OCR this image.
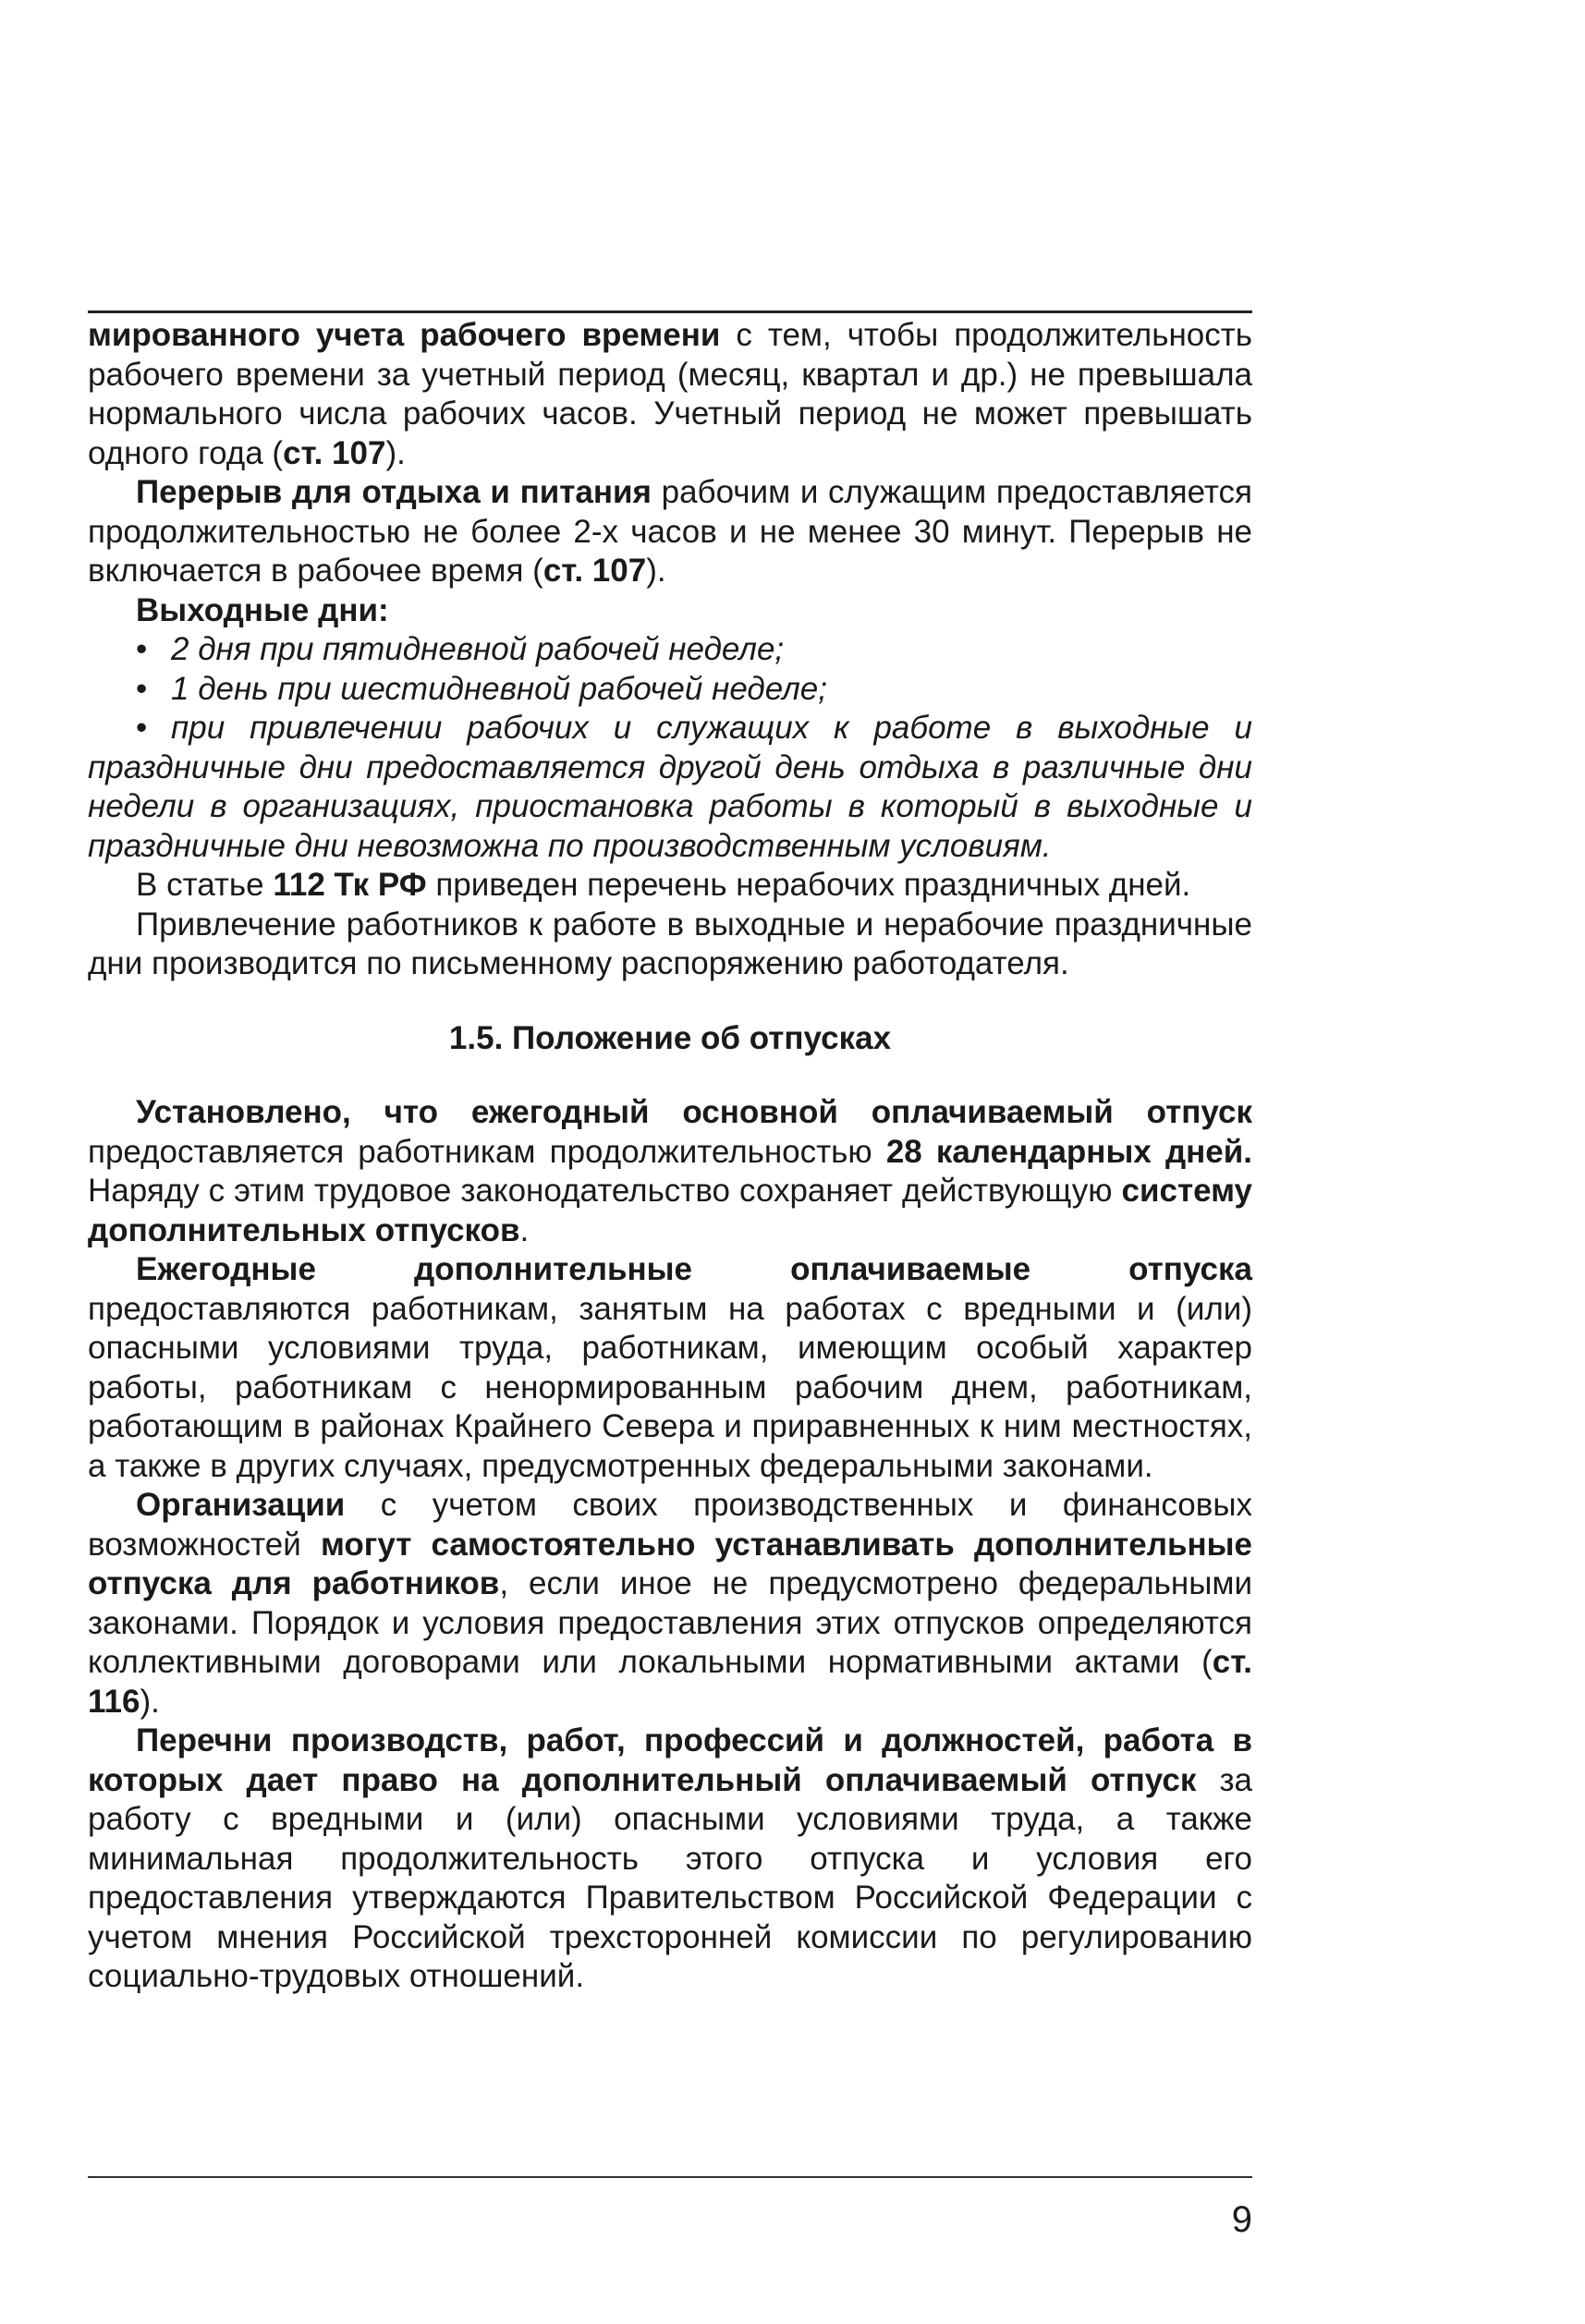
мированного учета рабочего времени с тем, чтобы продолжительность рабочего времени за учетный период (месяц, квартал и др.) не превышала нормального числа рабочих часов. Учетный период не может превышать одного года (ст. 107).

Перерыв для отдыха и питания рабочим и служащим предоставляется продолжительностью не более 2-х часов и не менее 30 минут. Перерыв не включается в рабочее время (ст. 107).

Выходные дни:

• 2 дня при пятидневной рабочей неделе;
• 1 день при шестидневной рабочей неделе;
• при привлечении рабочих и служащих к работе в выходные и праздничные дни предоставляется другой день отдыха в различные дни недели в организациях, приостановка работы в который в выходные и праздничные дни невозможна по производственным условиям.

В статье 112 Тк РФ приведен перечень нерабочих праздничных дней.

Привлечение работников к работе в выходные и нерабочие праздничные дни производится по письменному распоряжению работодателя.

1.5. Положение об отпусках

Установлено, что ежегодный основной оплачиваемый отпуск предоставляется работникам продолжительностью 28 календарных дней. Наряду с этим трудовое законодательство сохраняет действующую систему дополнительных отпусков.

Ежегодные дополнительные оплачиваемые отпуска предоставляются работникам, занятым на работах с вредными и (или) опасными условиями труда, работникам, имеющим особый характер работы, работникам с ненормированным рабочим днем, работникам, работающим в районах Крайнего Севера и приравненных к ним местностях, а также в других случаях, предусмотренных федеральными законами.

Организации с учетом своих производственных и финансовых возможностей могут самостоятельно устанавливать дополнительные отпуска для работников, если иное не предусмотрено федеральными законами. Порядок и условия предоставления этих отпусков определяются коллективными договорами или локальными нормативными актами (ст. 116).

Перечни производств, работ, профессий и должностей, работа в которых дает право на дополнительный оплачиваемый отпуск за работу с вредными и (или) опасными условиями труда, а также минимальная продолжительность этого отпуска и условия его предоставления утверждаются Правительством Российской Федерации с учетом мнения Российской трехсторонней комиссии по регулированию социально-трудовых отношений.

9
